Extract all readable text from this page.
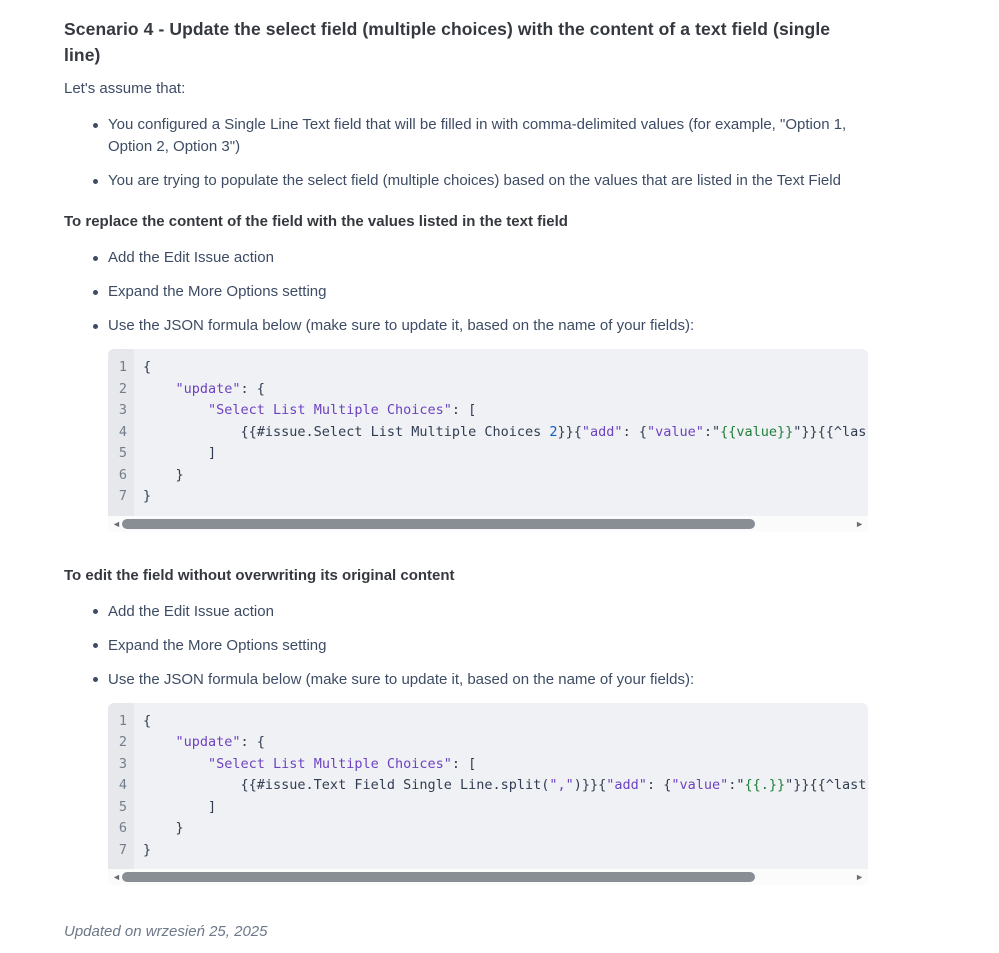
Scenario 4 - Update the select field (multiple choices) with the content of a text field (single line)

Let's assume that:

You configured a Single Line Text field that will be filled in with comma-delimited values (for example, "Option 1, Option 2, Option 3")
You are trying to populate the select field (multiple choices) based on the values that are listed in the Text Field
To replace the content of the field with the values listed in the text field
Add the Edit Issue action
Expand the More Options setting
Use the JSON formula below (make sure to update it, based on the name of your fields):
1
2
3
4
5
6
7
{
"update": {
"Select List Multiple Choices": [
{{#issue.Select List Multiple Choices 2}}{"add": {"value":"{{value}}"}}{{^las
]
}
}
◄	►
To edit the field without overwriting its original content
Add the Edit Issue action
Expand the More Options setting
Use the JSON formula below (make sure to update it, based on the name of your fields):
1
2
3
4
5
6
7
{
"update": {
"Select List Multiple Choices": [
{{#issue.Text Field Single Line.split(",")}}{"add": {"value":"{{.}}"}}{{^last
]
}
}
◄	►

Updated on wrzesień 25, 2025
